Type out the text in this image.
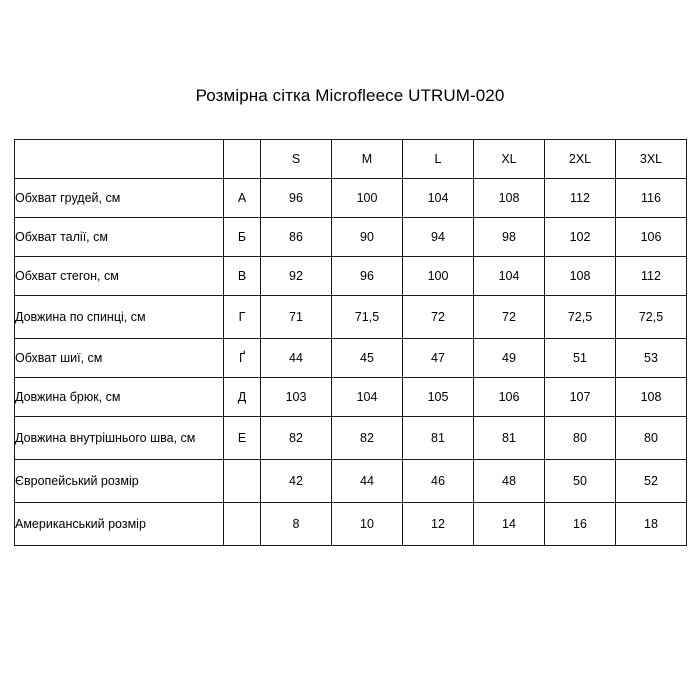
Розмірна сітка Microfleece UTRUM-020
		S	M	L	XL	2XL	3XL
Обхват грудей, см	А	96	100	104	108	112	116
Обхват талії, см	Б	86	90	94	98	102	106
Обхват стегон, см	В	92	96	100	104	108	112
Довжина по спинці, см	Г	71	71,5	72	72	72,5	72,5
Обхват шиї, см	Ґ	44	45	47	49	51	53
Довжина брюк, см	Д	103	104	105	106	107	108
Довжина внутрішнього шва, см	Е	82	82	81	81	80	80
Європейський розмір		42	44	46	48	50	52
Американський розмір		8	10	12	14	16	18
